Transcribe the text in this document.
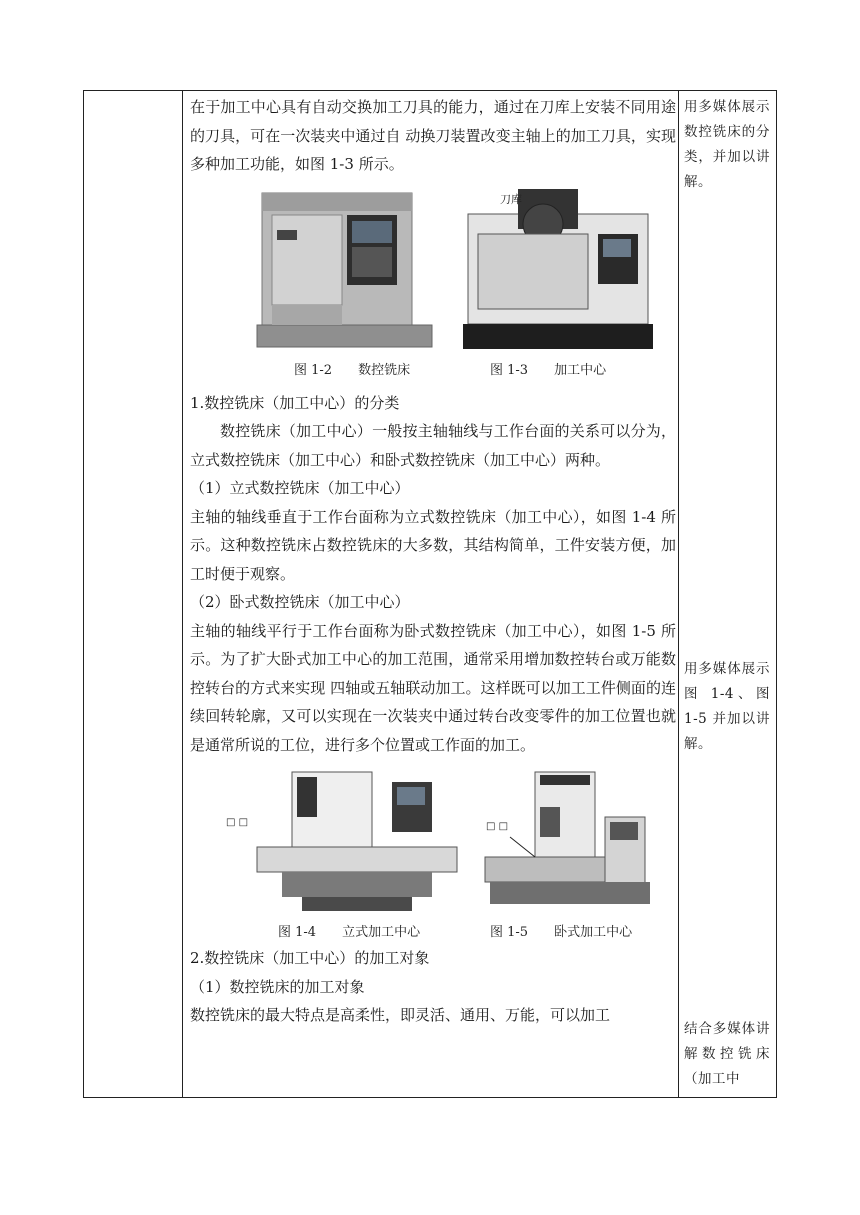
在于加工中心具有自动交换加工刀具的能力，通过在刀库上安装不同用途的刀具，可在一次装夹中通过自 动换刀装置改变主轴上的加工刀具，实现多种加工功能，如图 1-3 所示。

刀库
图 1-2　　数控铣床	图 1-3　　加工中心

1.数控铣床（加工中心）的分类

数控铣床（加工中心）一般按主轴轴线与工作台面的关系可以分为，立式数控铣床（加工中心）和卧式数控铣床（加工中心）两种。

（1）立式数控铣床（加工中心）

主轴的轴线垂直于工作台面称为立式数控铣床（加工中心），如图 1-4 所示。这种数控铣床占数控铣床的大多数，其结构简单，工件安装方便，加工时便于观察。

（2）卧式数控铣床（加工中心）

主轴的轴线平行于工作台面称为卧式数控铣床（加工中心），如图 1-5 所示。为了扩大卧式加工中心的加工范围，通常采用增加数控转台或万能数控转台的方式来实现 四轴或五轴联动加工。这样既可以加工工件侧面的连续回转轮廓，又可以实现在一次装夹中通过转台改变零件的加工位置也就是通常所说的工位，进行多个位置或工作面的加工。

□ □	□ □
图 1-4　　立式加工中心	图 1-5　　卧式加工中心

2.数控铣床（加工中心）的加工对象

（1）数控铣床的加工对象

数控铣床的最大特点是高柔性，即灵活、通用、万能，可以加工

用多媒体展示数控铣床的分类，并加以讲解。
用多媒体展示图 1-4、图 1-5 并加以讲解。
结合多媒体讲解数控铣床（加工中
